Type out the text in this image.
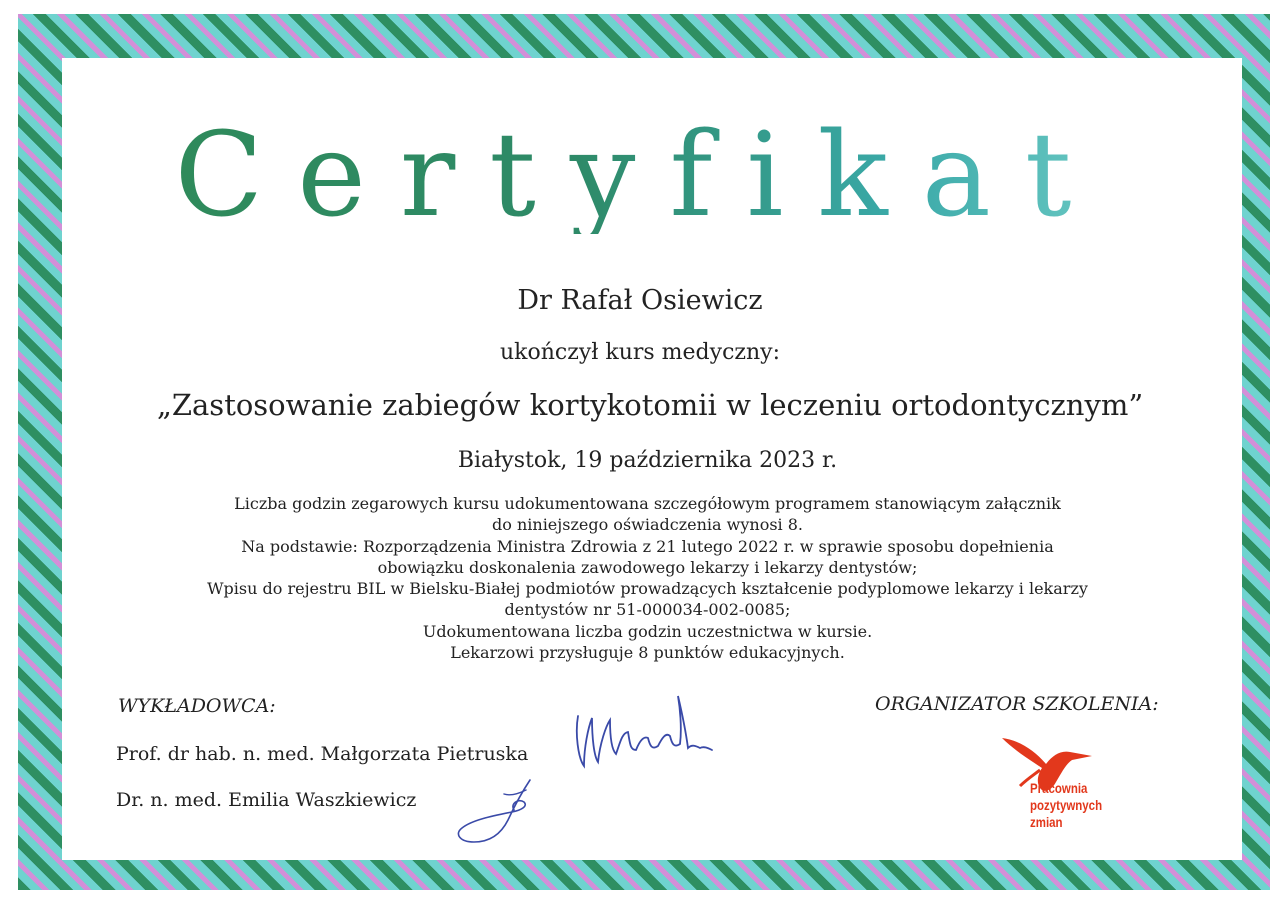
Certyfikat
Dr Rafał Osiewicz
ukończył kurs medyczny:
„Zastosowanie zabiegów kortykotomii w leczeniu ortodontycznym”
Białystok, 19 października 2023 r.
Liczba godzin zegarowych kursu udokumentowana szczegółowym programem stanowiącym załącznik
do niniejszego oświadczenia wynosi 8.
Na podstawie: Rozporządzenia Ministra Zdrowia z 21 lutego 2022 r. w sprawie sposobu dopełnienia
obowiązku doskonalenia zawodowego lekarzy i lekarzy dentystów;
Wpisu do rejestru BIL w Bielsku-Białej podmiotów prowadzących kształcenie podyplomowe lekarzy i lekarzy
dentystów nr 51-000034-002-0085;
Udokumentowana liczba godzin uczestnictwa w kursie.
Lekarzowi przysługuje 8 punktów edukacyjnych.
WYKŁADOWCA:	ORGANIZATOR SZKOLENIA:
Prof. dr hab. n. med. Małgorzata Pietruska
Dr. n. med. Emilia Waszkiewicz
Pracownia
pozytywnych
zmian
